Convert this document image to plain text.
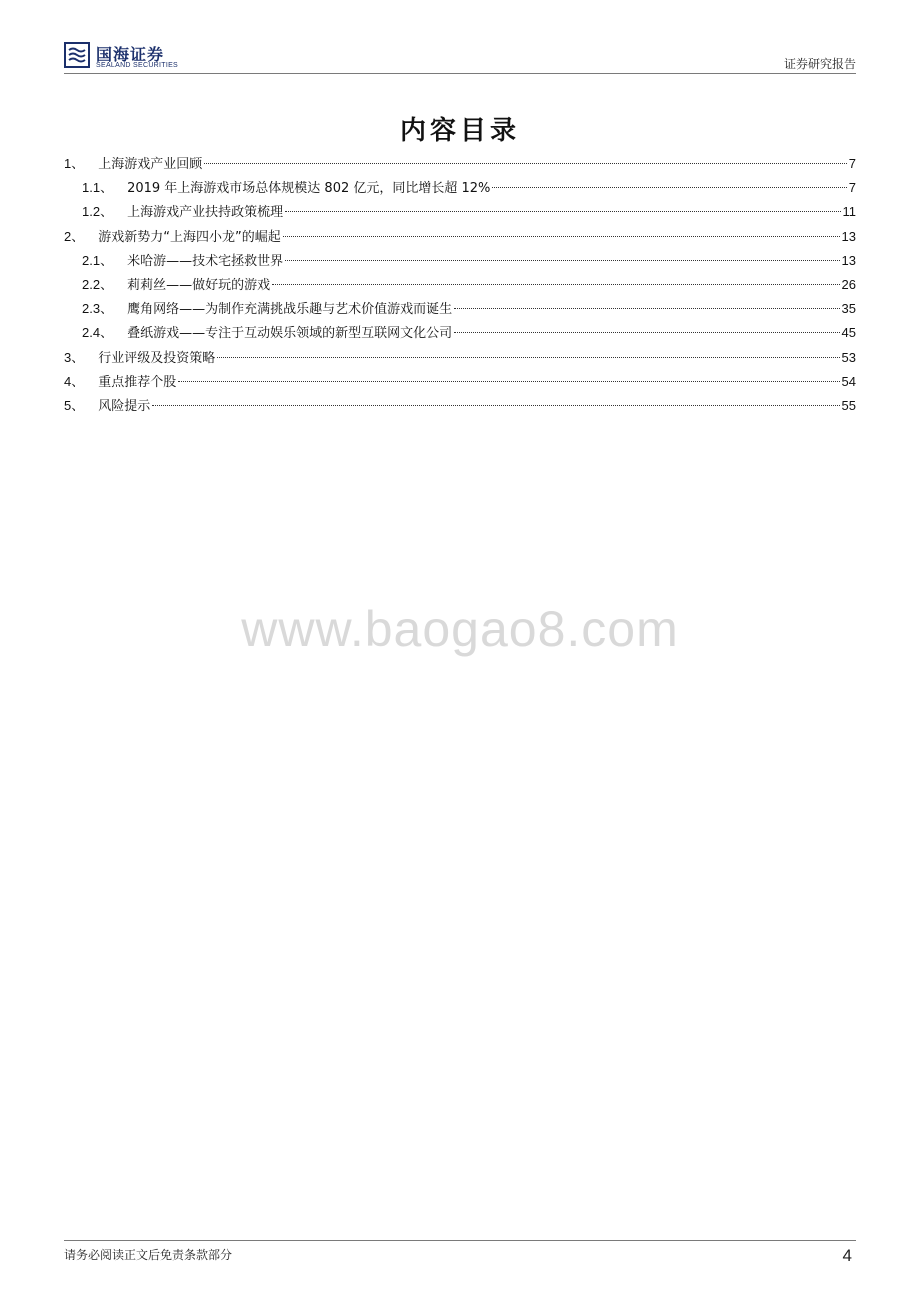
国海证券
SEALAND SECURITIES	证券研究报告
内容目录
1、 上海游戏产业回顾	7
1.1、 2019 年上海游戏市场总体规模达 802 亿元，同比增长超 12%	7
1.2、 上海游戏产业扶持政策梳理	11
2、 游戏新势力“上海四小龙”的崛起	13
2.1、 米哈游——技术宅拯救世界	13
2.2、 莉莉丝——做好玩的游戏	26
2.3、 鹰角网络——为制作充满挑战乐趣与艺术价值游戏而诞生	35
2.4、 叠纸游戏——专注于互动娱乐领域的新型互联网文化公司	45
3、 行业评级及投资策略	53
4、 重点推荐个股	54
5、 风险提示	55
www.baogao8.com
请务必阅读正文后免责条款部分	4
